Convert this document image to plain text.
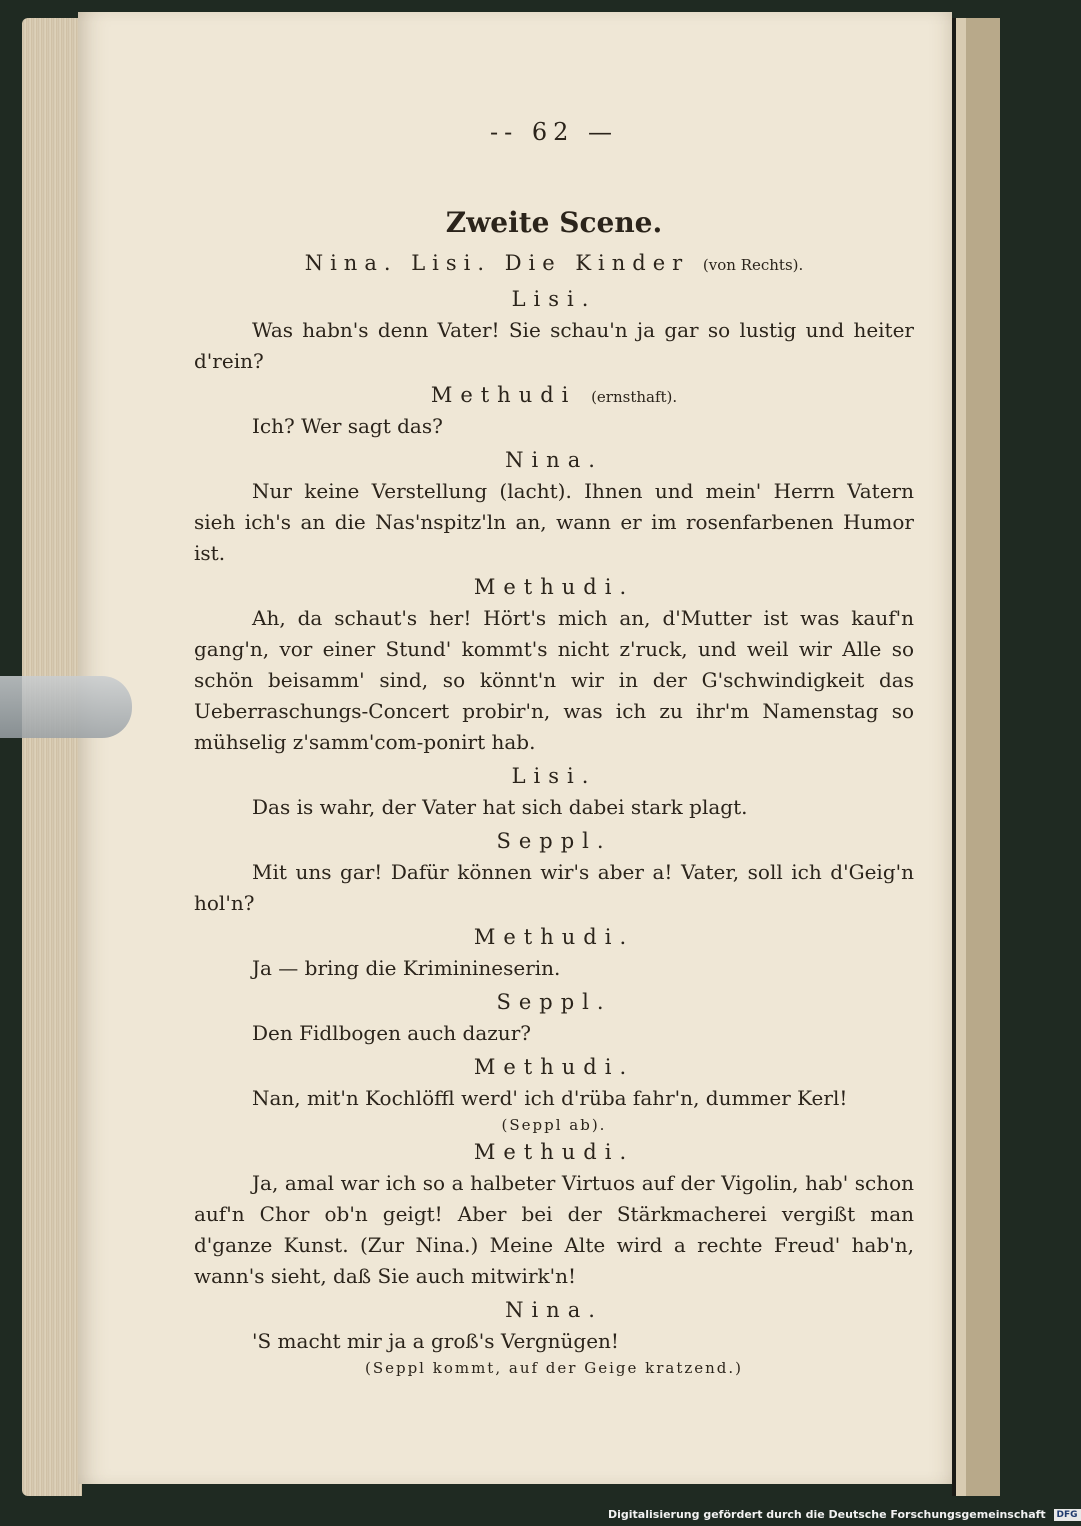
-- 62 —
Zweite Scene.
Nina. Lisi. Die Kinder (von Rechts).
Lisi.

Was habn's denn Vater! Sie schau'n ja gar so lustig und heiter d'rein?

Methudi (ernsthaft).

Ich? Wer sagt das?

Nina.

Nur keine Verstellung (lacht). Ihnen und mein' Herrn Vatern sieh ich's an die Nas'nspitz'ln an, wann er im rosenfarbenen Humor ist.

Methudi.

Ah, da schaut's her! Hört's mich an, d'Mutter ist was kauf'n gang'n, vor einer Stund' kommt's nicht z'ruck, und weil wir Alle so schön beisamm' sind, so könnt'n wir in der G'schwindigkeit das Ueberraschungs-Concert probir'n, was ich zu ihr'm Namenstag so mühselig z'samm'com-ponirt hab.

Lisi.

Das is wahr, der Vater hat sich dabei stark plagt.

Seppl.

Mit uns gar! Dafür können wir's aber a! Vater, soll ich d'Geig'n hol'n?

Methudi.

Ja — bring die Kriminineserin.

Seppl.

Den Fidlbogen auch dazur?

Methudi.

Nan, mit'n Kochlöffl werd' ich d'rüba fahr'n, dummer Kerl!

(Seppl ab).
Methudi.

Ja, amal war ich so a halbeter Virtuos auf der Vigolin, hab' schon auf'n Chor ob'n geigt! Aber bei der Stärkmacherei vergißt man d'ganze Kunst. (Zur Nina.) Meine Alte wird a rechte Freud' hab'n, wann's sieht, daß Sie auch mitwirk'n!

Nina.

'S macht mir ja a groß's Vergnügen!

(Seppl kommt, auf der Geige kratzend.)
Digitalisierung gefördert durch die Deutsche Forschungsgemeinschaft DFG
